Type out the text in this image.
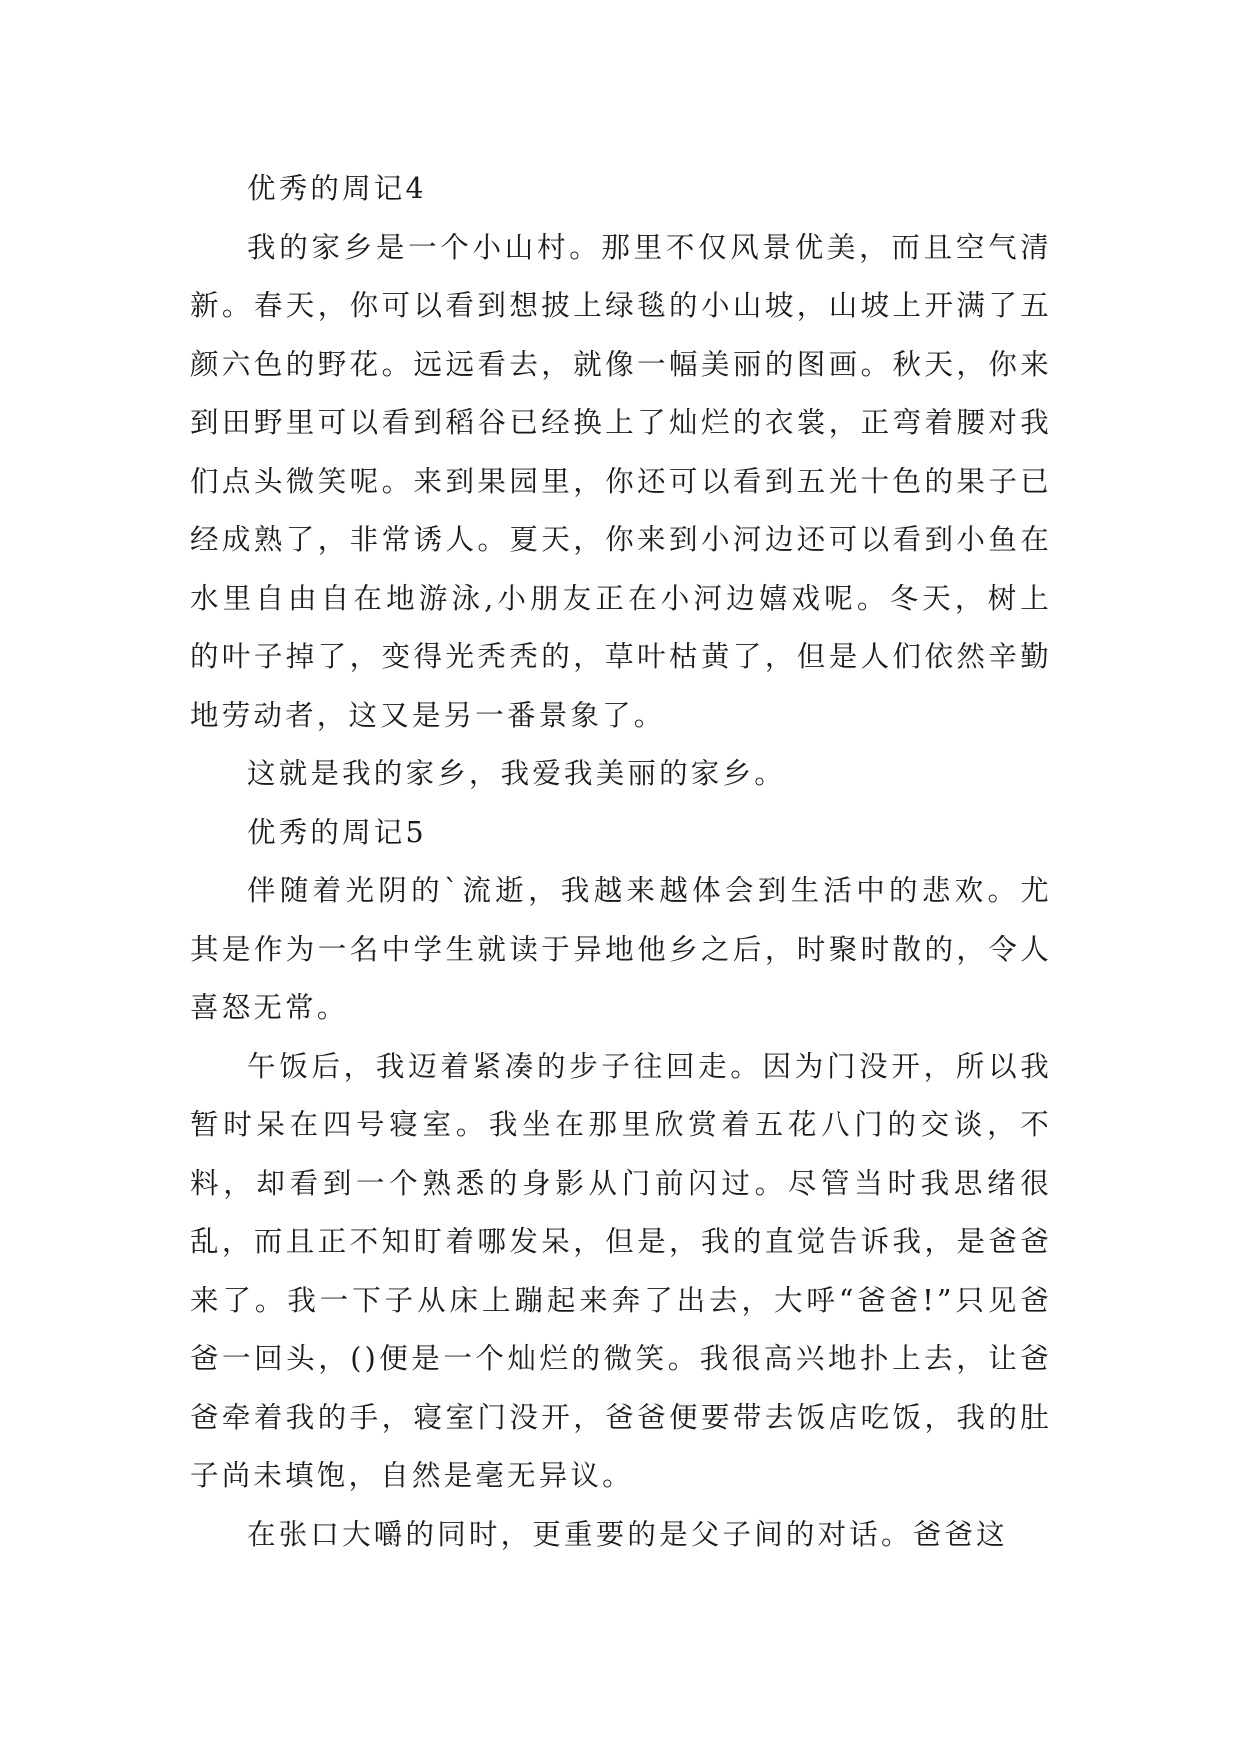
优秀的周记4

我的家乡是一个小山村。那里不仅风景优美，而且空气清新。春天，你可以看到想披上绿毯的小山坡，山坡上开满了五颜六色的野花。远远看去，就像一幅美丽的图画。秋天，你来到田野里可以看到稻谷已经换上了灿烂的衣裳，正弯着腰对我们点头微笑呢。来到果园里，你还可以看到五光十色的果子已经成熟了，非常诱人。夏天，你来到小河边还可以看到小鱼在水里自由自在地游泳,小朋友正在小河边嬉戏呢。冬天，树上的叶子掉了，变得光秃秃的，草叶枯黄了，但是人们依然辛勤地劳动者，这又是另一番景象了。

这就是我的家乡，我爱我美丽的家乡。

优秀的周记5

伴随着光阴的`流逝，我越来越体会到生活中的悲欢。尤其是作为一名中学生就读于异地他乡之后，时聚时散的，令人喜怒无常。

午饭后，我迈着紧凑的步子往回走。因为门没开，所以我暂时呆在四号寝室。我坐在那里欣赏着五花八门的交谈，不料，却看到一个熟悉的身影从门前闪过。尽管当时我思绪很乱，而且正不知盯着哪发呆，但是，我的直觉告诉我，是爸爸来了。我一下子从床上蹦起来奔了出去，大呼“爸爸!”只见爸爸一回头，()便是一个灿烂的微笑。我很高兴地扑上去，让爸爸牵着我的手，寝室门没开，爸爸便要带去饭店吃饭，我的肚子尚未填饱，自然是毫无异议。

在张口大嚼的同时，更重要的是父子间的对话。爸爸这
